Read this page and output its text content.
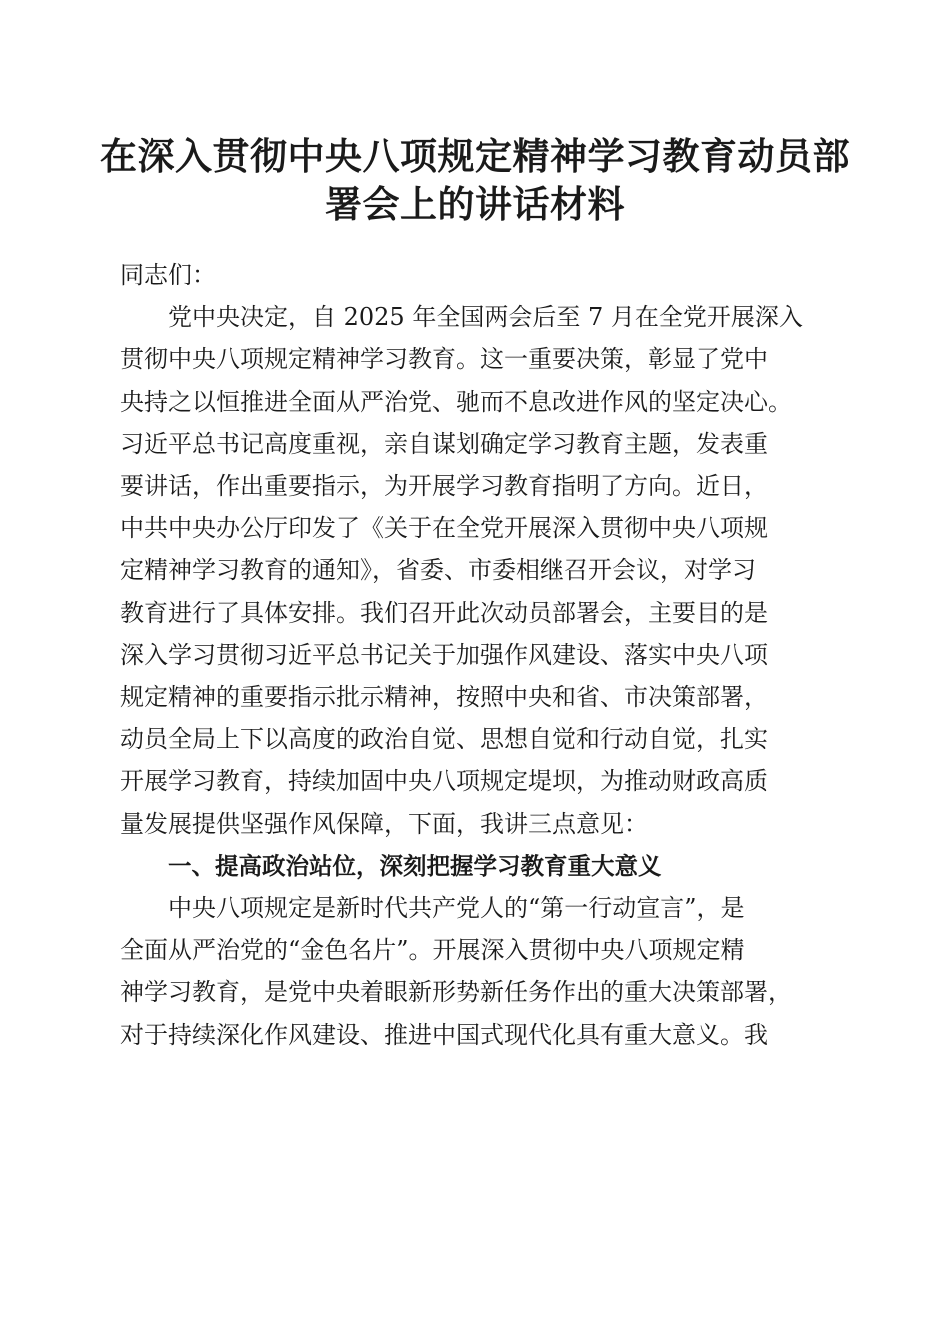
在深入贯彻中央八项规定精神学习教育动员部
署会上的讲话材料

同志们：

党中央决定，自 2025 年全国两会后至 7 月在全党开展深入
贯彻中央八项规定精神学习教育。这一重要决策，彰显了党中
央持之以恒推进全面从严治党、驰而不息改进作风的坚定决心。
习近平总书记高度重视，亲自谋划确定学习教育主题，发表重
要讲话，作出重要指示，为开展学习教育指明了方向。近日，
中共中央办公厅印发了《关于在全党开展深入贯彻中央八项规
定精神学习教育的通知》，省委、市委相继召开会议，对学习
教育进行了具体安排。我们召开此次动员部署会，主要目的是
深入学习贯彻习近平总书记关于加强作风建设、落实中央八项
规定精神的重要指示批示精神，按照中央和省、市决策部署，
动员全局上下以高度的政治自觉、思想自觉和行动自觉，扎实
开展学习教育，持续加固中央八项规定堤坝，为推动财政高质
量发展提供坚强作风保障，下面，我讲三点意见：

一、提高政治站位，深刻把握学习教育重大意义

中央八项规定是新时代共产党人的“第一行动宣言”，是
全面从严治党的“金色名片”。开展深入贯彻中央八项规定精
神学习教育，是党中央着眼新形势新任务作出的重大决策部署，
对于持续深化作风建设、推进中国式现代化具有重大意义。我
